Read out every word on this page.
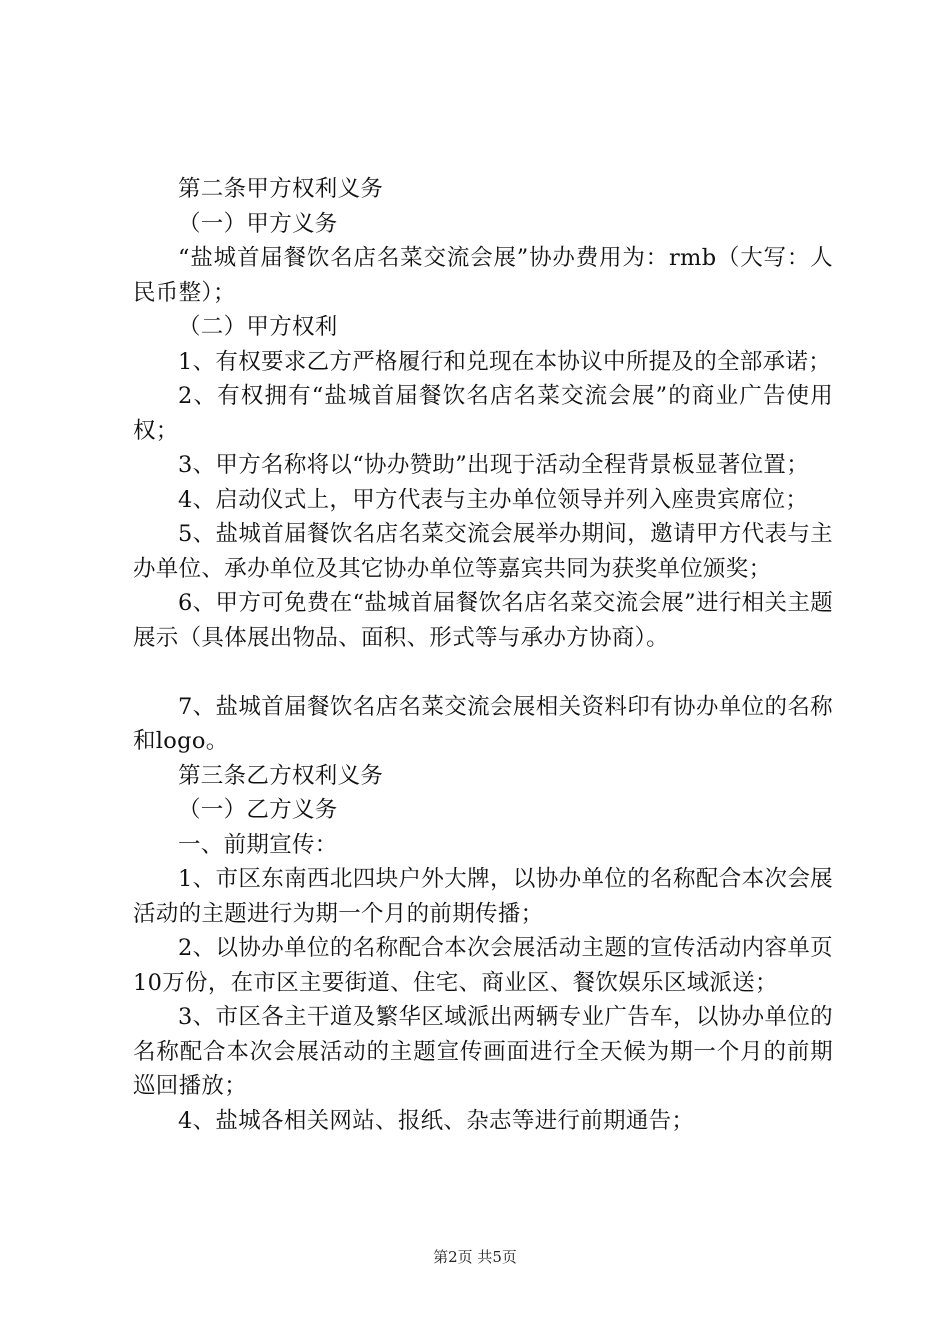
第二条甲方权利义务

（一）甲方义务

“盐城首届餐饮名店名菜交流会展”协办费用为：rmb（大写：人民币整）；

（二）甲方权利

1、有权要求乙方严格履行和兑现在本协议中所提及的全部承诺；

2、有权拥有“盐城首届餐饮名店名菜交流会展”的商业广告使用权；

3、甲方名称将以“协办赞助”出现于活动全程背景板显著位置；

4、启动仪式上，甲方代表与主办单位领导并列入座贵宾席位；

5、盐城首届餐饮名店名菜交流会展举办期间，邀请甲方代表与主办单位、承办单位及其它协办单位等嘉宾共同为获奖单位颁奖；

6、甲方可免费在“盐城首届餐饮名店名菜交流会展”进行相关主题展示（具体展出物品、面积、形式等与承办方协商）。

7、盐城首届餐饮名店名菜交流会展相关资料印有协办单位的名称和logo。

第三条乙方权利义务

（一）乙方义务

一、前期宣传：

1、市区东南西北四块户外大牌，以协办单位的名称配合本次会展活动的主题进行为期一个月的前期传播；

2、以协办单位的名称配合本次会展活动主题的宣传活动内容单页10万份，在市区主要街道、住宅、商业区、餐饮娱乐区域派送；

3、市区各主干道及繁华区域派出两辆专业广告车，以协办单位的名称配合本次会展活动的主题宣传画面进行全天候为期一个月的前期巡回播放；

4、盐城各相关网站、报纸、杂志等进行前期通告；

第2页 共5页
